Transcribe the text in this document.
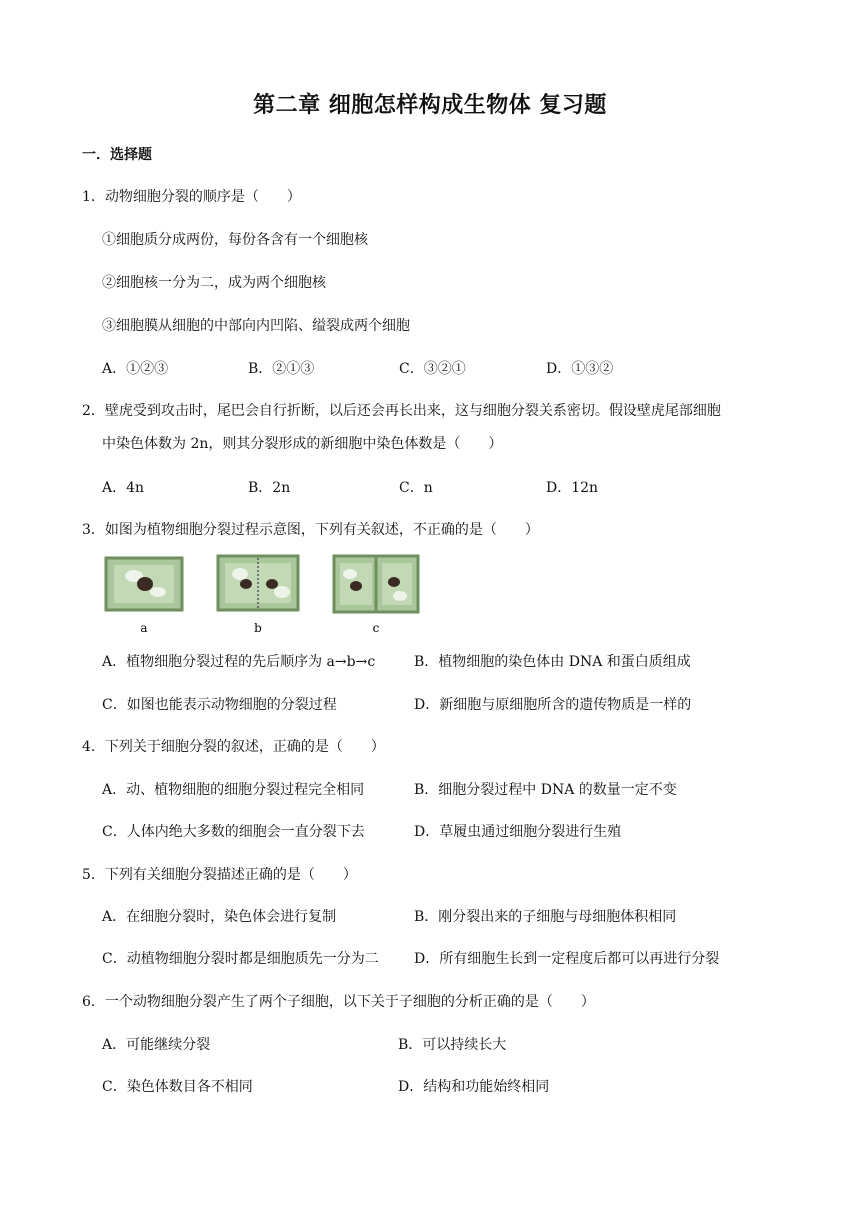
第二章 细胞怎样构成生物体 复习题
一．选择题
1．动物细胞分裂的顺序是（　　）
①细胞质分成两份，每份各含有一个细胞核
②细胞核一分为二，成为两个细胞核
③细胞膜从细胞的中部向内凹陷、缢裂成两个细胞
A．①②③	B．②①③	C．③②①	D．①③②
2．壁虎受到攻击时，尾巴会自行折断，以后还会再长出来，这与细胞分裂关系密切。假设壁虎尾部细胞
中染色体数为 2n，则其分裂形成的新细胞中染色体数是（　　）
A．4n	B．2n	C．n	D．12n
3．如图为植物细胞分裂过程示意图，下列有关叙述，不正确的是（　　）
a	b	c
A．植物细胞分裂过程的先后顺序为 a→b→c	B．植物细胞的染色体由 DNA 和蛋白质组成
C．如图也能表示动物细胞的分裂过程	D．新细胞与原细胞所含的遗传物质是一样的
4．下列关于细胞分裂的叙述，正确的是（　　）
A．动、植物细胞的细胞分裂过程完全相同	B．细胞分裂过程中 DNA 的数量一定不变
C．人体内绝大多数的细胞会一直分裂下去	D．草履虫通过细胞分裂进行生殖
5．下列有关细胞分裂描述正确的是（　　）
A．在细胞分裂时，染色体会进行复制	B．刚分裂出来的子细胞与母细胞体积相同
C．动植物细胞分裂时都是细胞质先一分为二	D．所有细胞生长到一定程度后都可以再进行分裂
6．一个动物细胞分裂产生了两个子细胞，以下关于子细胞的分析正确的是（　　）
A．可能继续分裂	B．可以持续长大
C．染色体数目各不相同	D．结构和功能始终相同
